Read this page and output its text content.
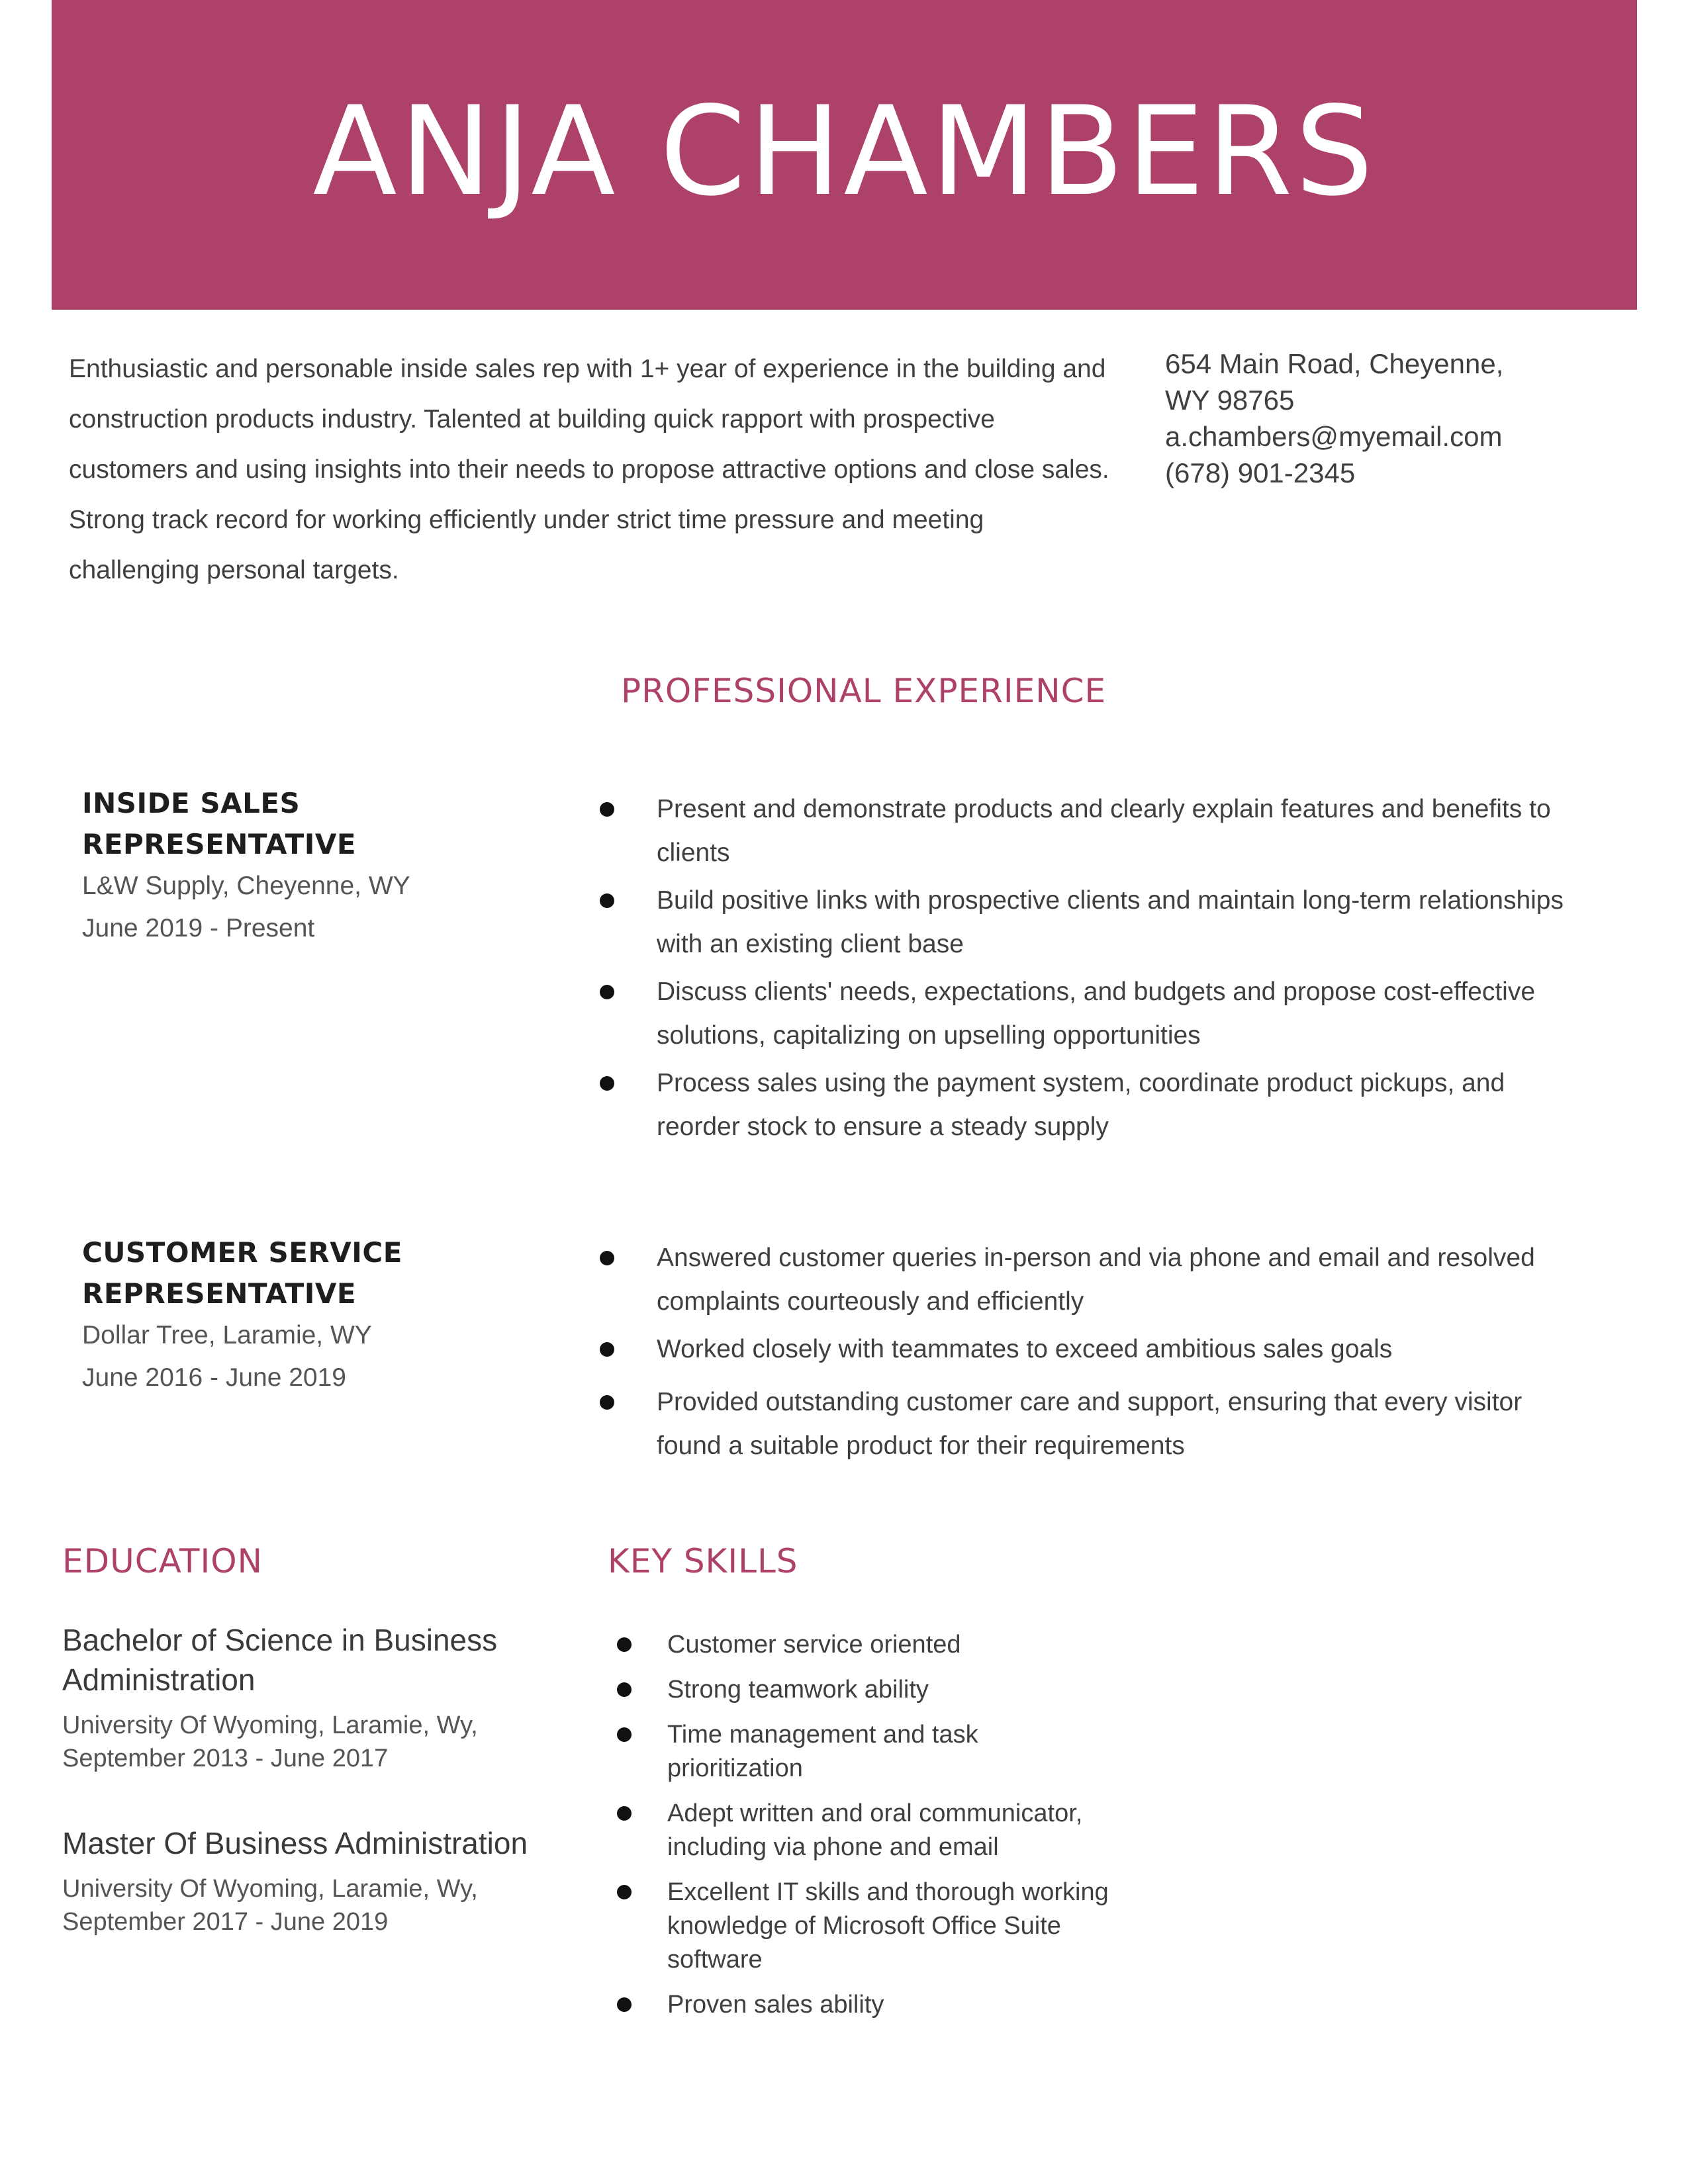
ANJA CHAMBERS
Enthusiastic and personable inside sales rep with 1+ year of experience in the building and construction products industry. Talented at building quick rapport with prospective customers and using insights into their needs to propose attractive options and close sales. Strong track record for working efficiently under strict time pressure and meeting challenging personal targets.
654 Main Road, Cheyenne,
WY 98765
a.chambers@myemail.com
(678) 901-2345
PROFESSIONAL EXPERIENCE
INSIDE SALES REPRESENTATIVE
L&W Supply, Cheyenne, WY
June 2019 - Present
Present and demonstrate products and clearly explain features and benefits to clients
Build positive links with prospective clients and maintain long-term relationships with an existing client base
Discuss clients' needs, expectations, and budgets and propose cost-effective solutions, capitalizing on upselling opportunities
Process sales using the payment system, coordinate product pickups, and reorder stock to ensure a steady supply
CUSTOMER SERVICE
REPRESENTATIVE
Dollar Tree, Laramie, WY
June 2016 - June 2019
Answered customer queries in-person and via phone and email and resolved complaints courteously and efficiently
Worked closely with teammates to exceed ambitious sales goals
Provided outstanding customer care and support, ensuring that every visitor found a suitable product for their requirements
EDUCATION
Bachelor of Science in Business Administration
University Of Wyoming, Laramie, Wy,
September 2013 - June 2017
Master Of Business Administration
University Of Wyoming, Laramie, Wy,
September 2017 - June 2019
KEY SKILLS
Customer service oriented
Strong teamwork ability
Time management and task prioritization
Adept written and oral communicator, including via phone and email
Excellent IT skills and thorough working knowledge of Microsoft Office Suite software
Proven sales ability
